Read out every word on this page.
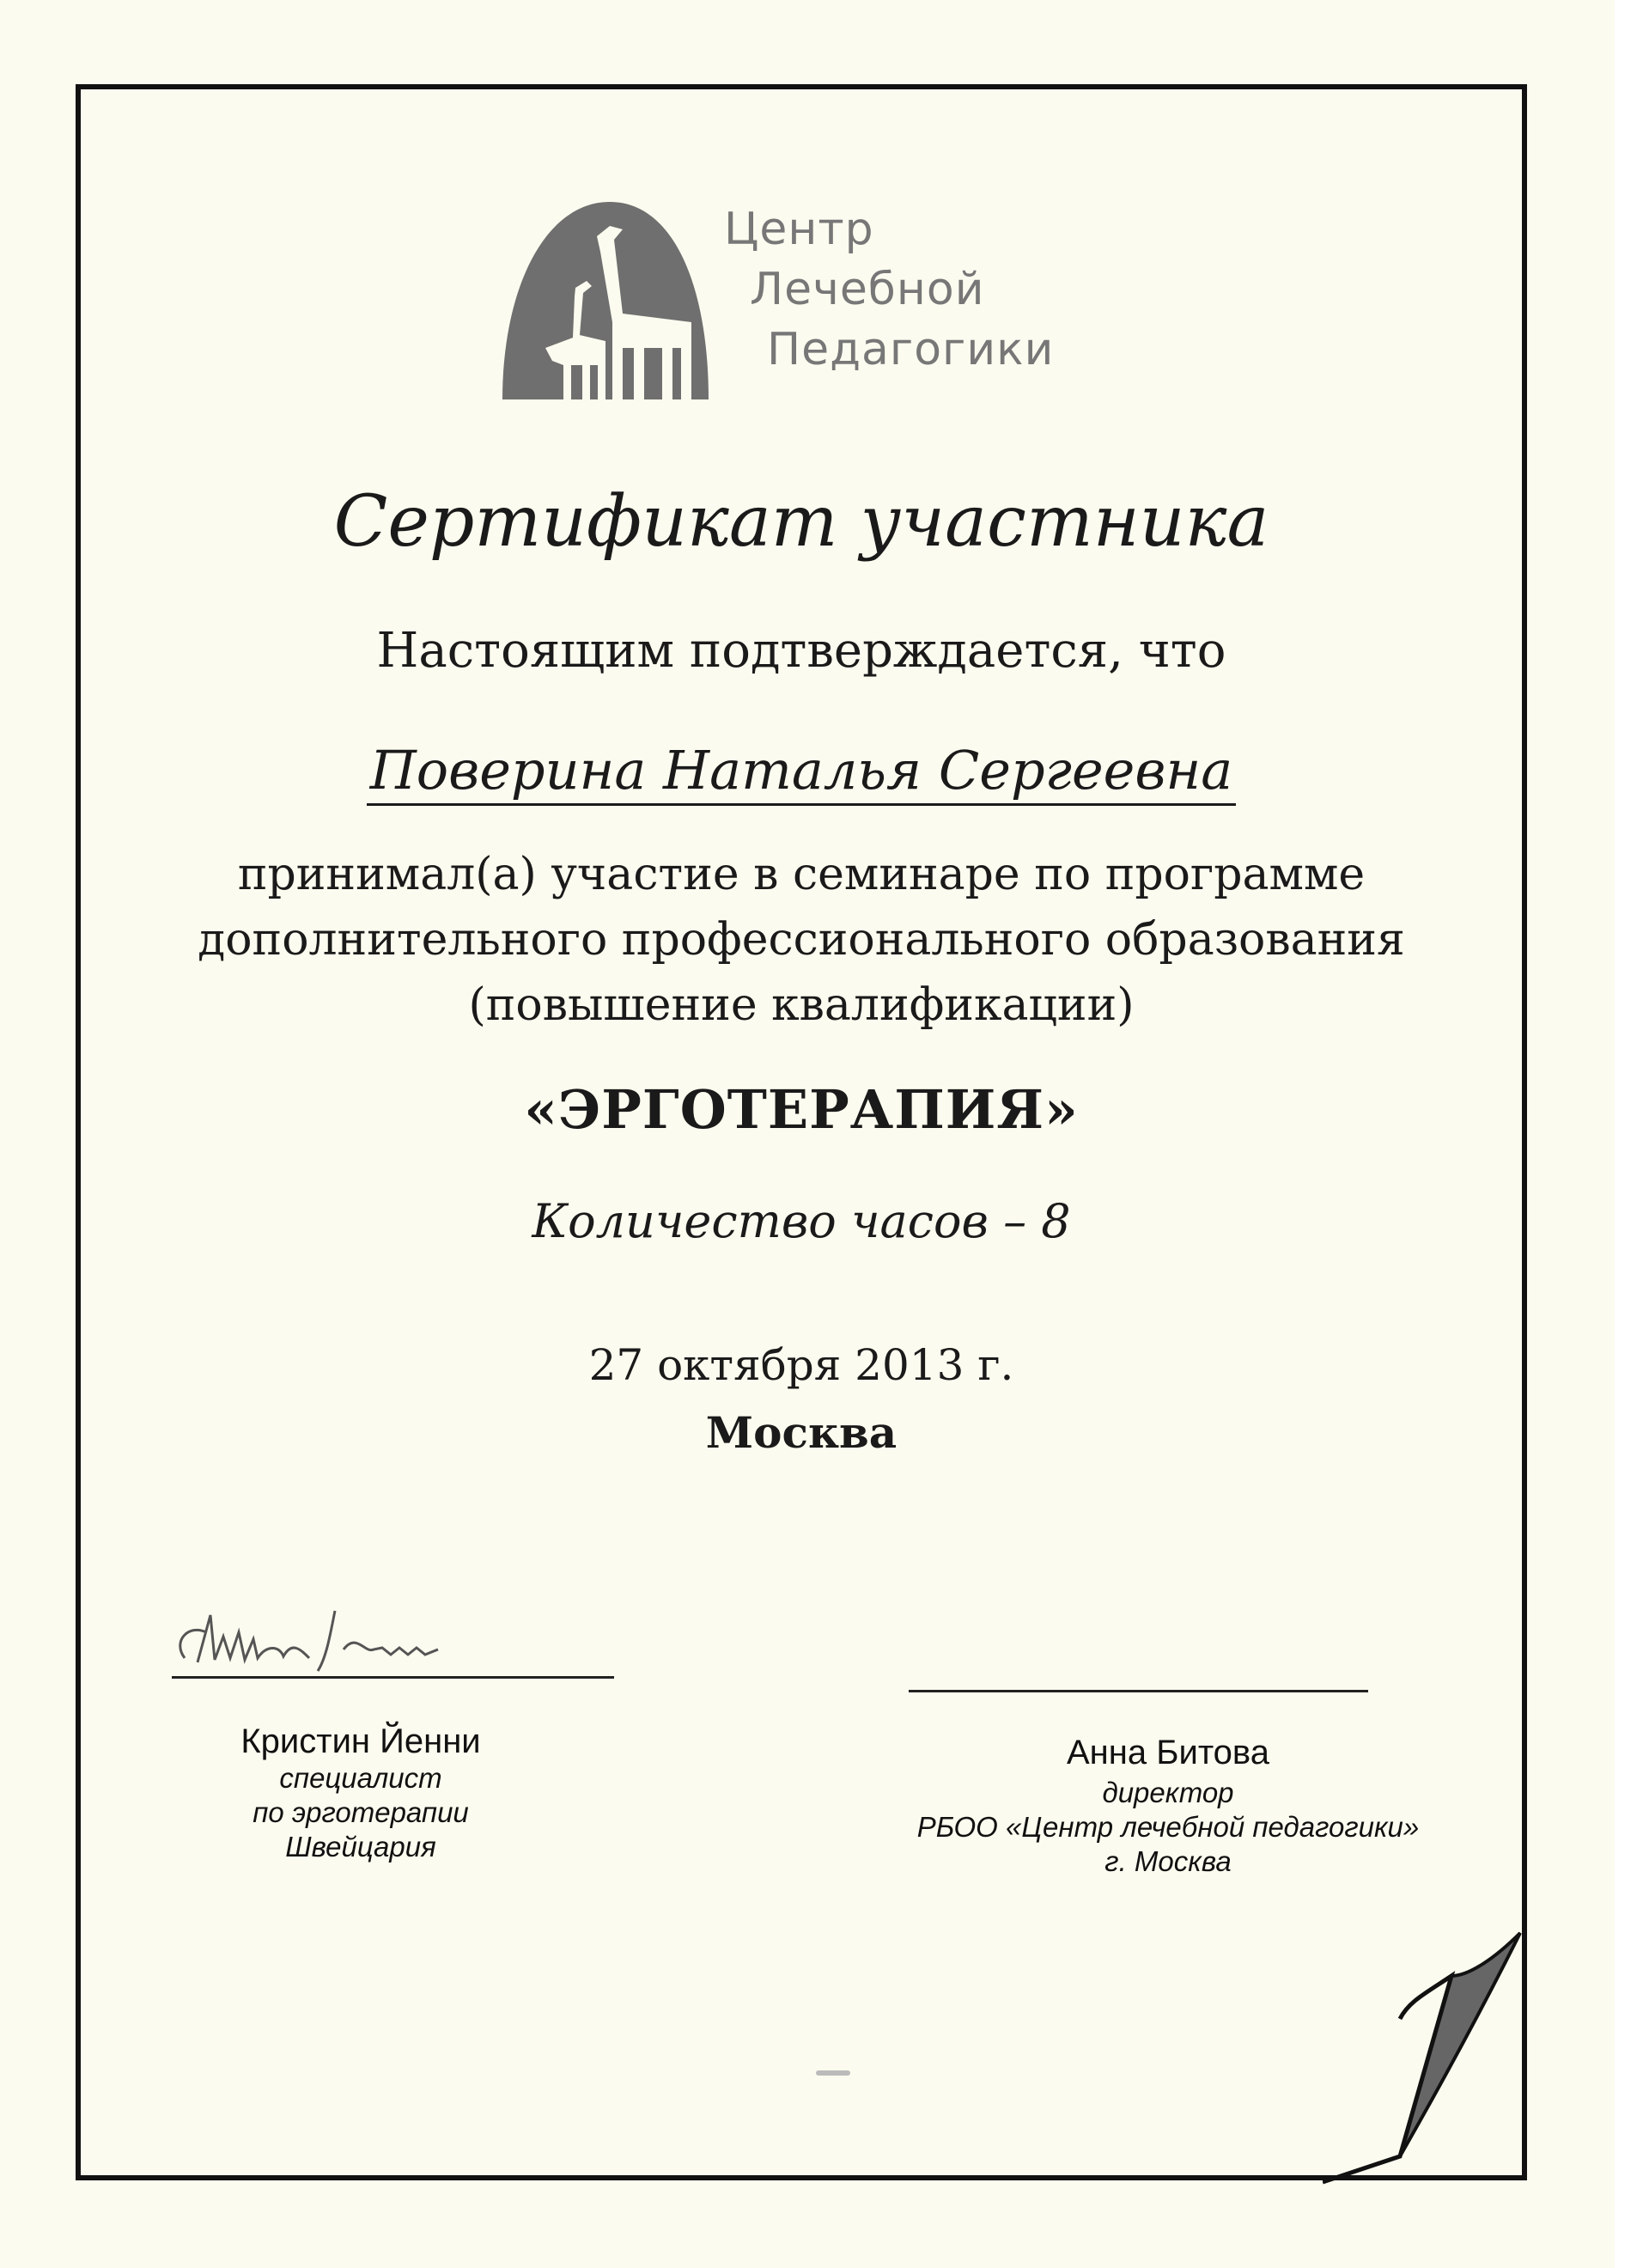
Центр
Лечебной
Педагогики
Сертификат участника
Настоящим подтверждается, что
Поверина Наталья Сергеевна
принимал(а) участие в семинаре по программе
дополнительного профессионального образования
(повышение квалификации)
«ЭРГОТЕРАПИЯ»
Количество часов – 8
27 октября 2013 г.
Москва
Кристин Йенни
специалист
по эрготерапии
Швейцария
Анна Битова
директор
РБОО «Центр лечебной педагогики»
г. Москва
